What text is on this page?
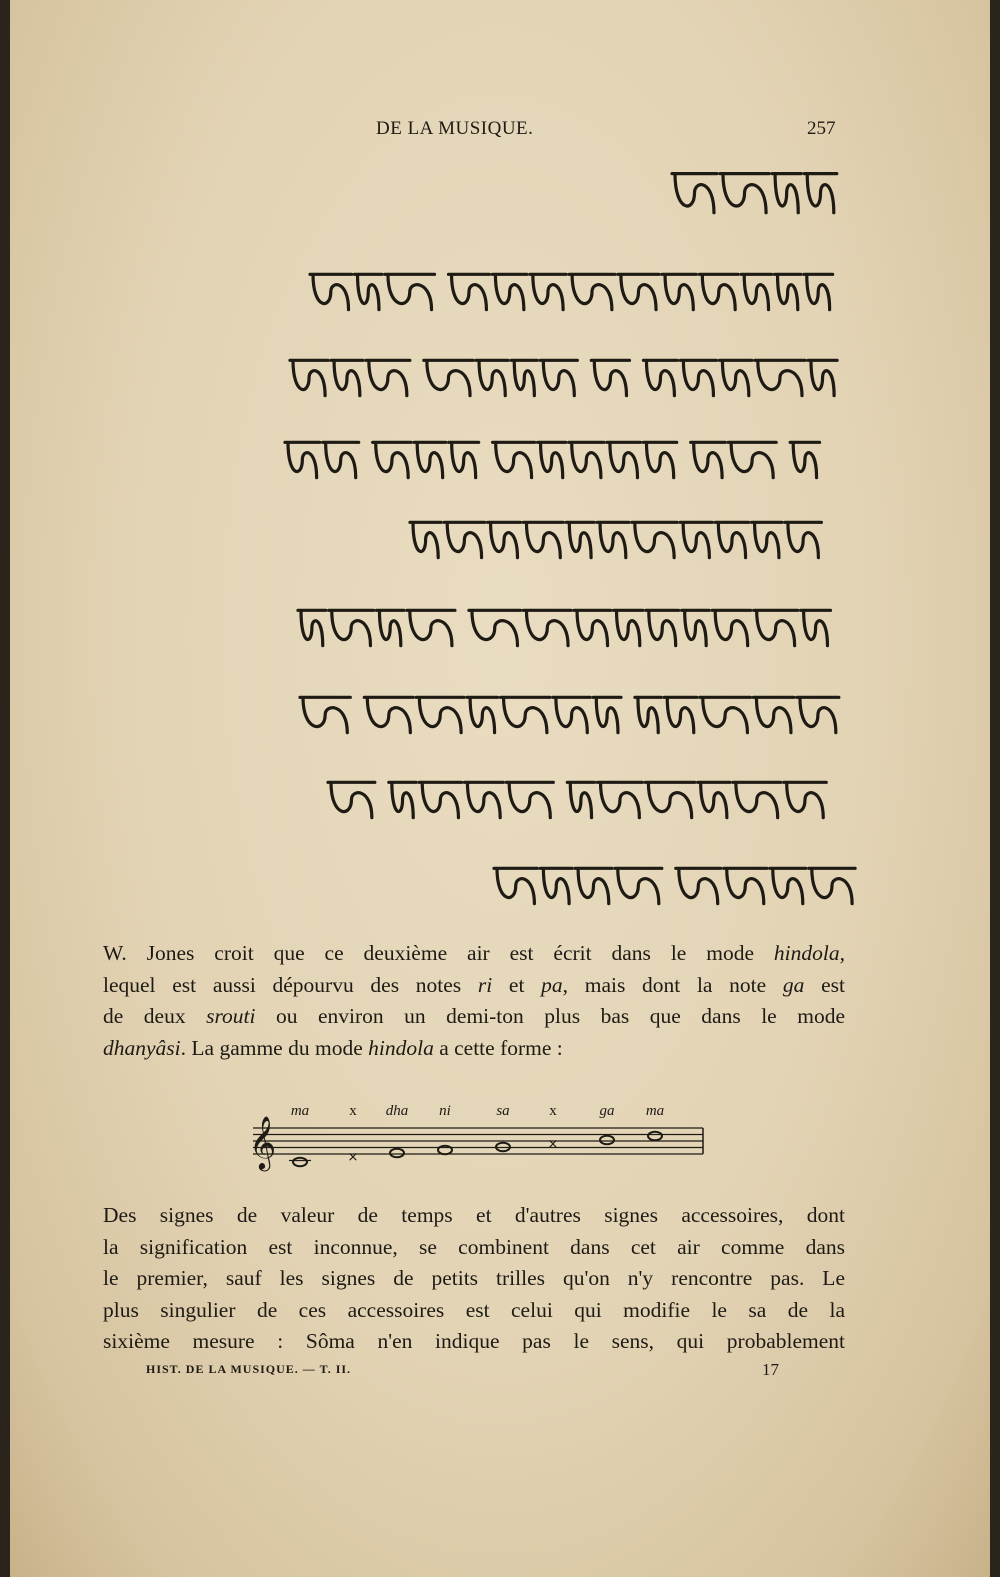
DE LA MUSIQUE.	257
W. Jones croit que ce deuxième air est écrit dans le mode hindola,
lequel est aussi dépourvu des notes ri et pa, mais dont la note ga est
de deux srouti ou environ un demi-ton plus bas que dans le mode
dhanyâsi. La gamme du mode hindola a cette forme :
𝄞
ma	x
×
dha ni	sa	x
×
ga ma
Des signes de valeur de temps et d'autres signes accessoires, dont
la signification est inconnue, se combinent dans cet air comme dans
le premier, sauf les signes de petits trilles qu'on n'y rencontre pas. Le
plus singulier de ces accessoires est celui qui modifie le sa de la
sixième mesure : Sôma n'en indique pas le sens, qui probablement
HIST. DE LA MUSIQUE. — T. II.	17
